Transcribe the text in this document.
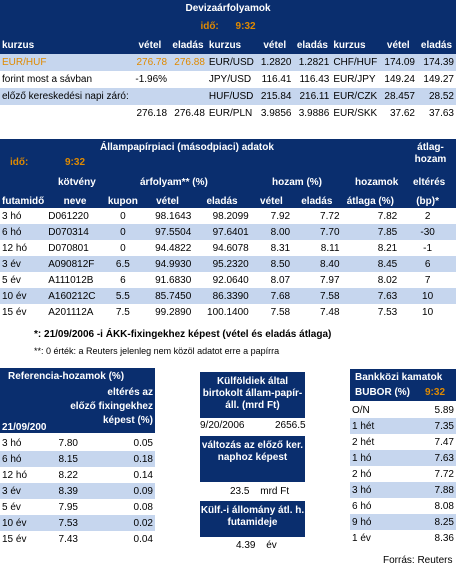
Devizaárfolyamok
idő: 9:32
kurzus	vétel	eladás	kurzus	vétel	eladás	kurzus	vétel	eladás
EUR/HUF	276.78	276.88	EUR/USD	1.2820	1.2821	CHF/HUF	174.09	174.39
forint most a sávban	-1.96%		JPY/USD	116.41	116.43	EUR/JPY	149.24	149.27
előző kereskedési napi záró:			HUF/USD	215.84	216.11	EUR/CZK	28.457	28.52
	276.18	276.48	EUR/PLN	3.9856	3.9886	EUR/SKK	37.62	37.63
Állampapírpiaci (másodpiaci) adatok
idő:	9:32
átlag-
hozam
kötvény	árfolyam** (%)	hozam (%)	hozamok eltérés
futamidő	neve	kupon	vétel	eladás	vétel	eladás	átlaga (%)	(bp)*
3 hó	D061220	0	98.1643	98.2099	7.92	7.72	7.82	2
6 hó	D070314	0	97.5504	97.6401	8.00	7.70	7.85	-30
12 hó	D070801	0	94.4822	94.6078	8.31	8.11	8.21	-1
3 év	A090812F	6.5	94.9930	95.2320	8.50	8.40	8.45	6
5 év	A111012B	6	91.6830	92.0640	8.07	7.97	8.02	7
10 év	A160212C	5.5	85.7450	86.3390	7.68	7.58	7.63	10
15 év	A201112A	7.5	99.2890	100.1400	7.58	7.48	7.53	10
*: 21/09/2006 -i ÁKK-fixingekhez képest (vétel és eladás átlaga)
**: 0 érték: a Reuters jelenleg nem közöl adatot erre a papírra
Referencia-hozamok (%)
eltérés az
előző fixingekhez
képest (%)
21/09/200
3 hó	7.80	0.05
6 hó	8.15	0.18
12 hó	8.22	0.14
3 év	8.39	0.09
5 év	7.95	0.08
10 év	7.53	0.02
15 év	7.43	0.04
Külföldiek által birtokolt állam-papír-áll. (mrd Ft)
9/20/2006	2656.5
változás az előző ker. naphoz képest
23.5 mrd Ft
Külf.-i állomány átl. h. futamideje
4.39 év
Bankközi kamatok
BUBOR (%) 9:32
O/N	5.89
1 hét	7.35
2 hét	7.47
1 hó	7.63
2 hó	7.72
3 hó	7.88
6 hó	8.08
9 hó	8.25
1 év	8.36
Forrás: Reuters
